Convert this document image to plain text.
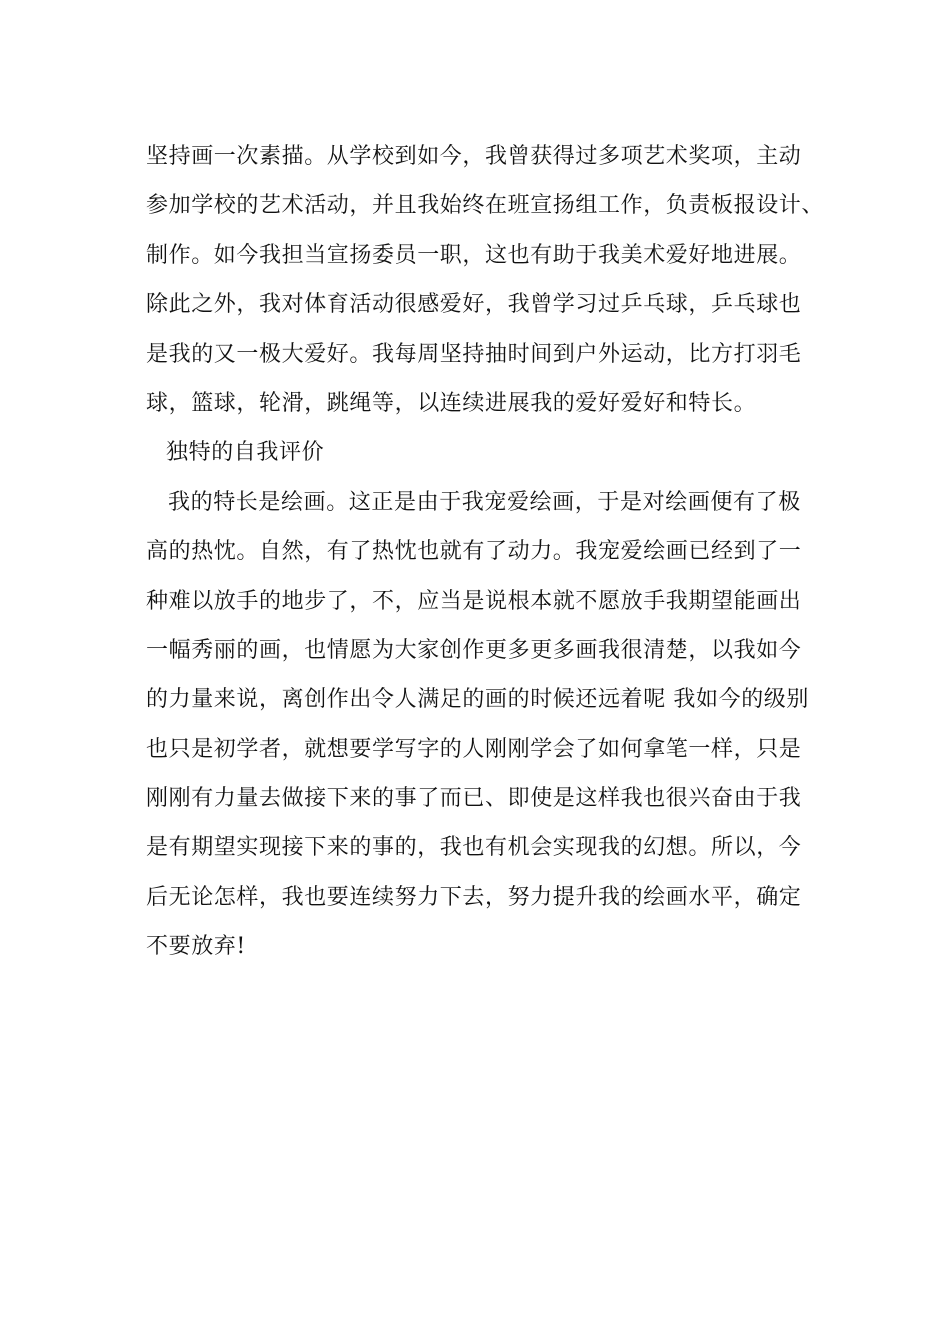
坚持画一次素描。从学校到如今，我曾获得过多项艺术奖项，主动
参加学校的艺术活动，并且我始终在班宣扬组工作，负责板报设计、
制作。如今我担当宣扬委员一职，这也有助于我美术爱好地进展。
除此之外，我对体育活动很感爱好，我曾学习过乒乓球，乒乓球也
是我的又一极大爱好。我每周坚持抽时间到户外运动，比方打羽毛
球，篮球，轮滑，跳绳等，以连续进展我的爱好爱好和特长。
独特的自我评价
我的特长是绘画。这正是由于我宠爱绘画，于是对绘画便有了极
高的热忱。自然，有了热忱也就有了动力。我宠爱绘画已经到了一
种难以放手的地步了，不，应当是说根本就不愿放手我期望能画出
一幅秀丽的画，也情愿为大家创作更多更多画我很清楚，以我如今
的力量来说，离创作出令人满足的画的时候还远着呢 我如今的级别
也只是初学者，就想要学写字的人刚刚学会了如何拿笔一样，只是
刚刚有力量去做接下来的事了而已、即使是这样我也很兴奋由于我
是有期望实现接下来的事的，我也有机会实现我的幻想。所以，今
后无论怎样，我也要连续努力下去，努力提升我的绘画水平，确定
不要放弃!
